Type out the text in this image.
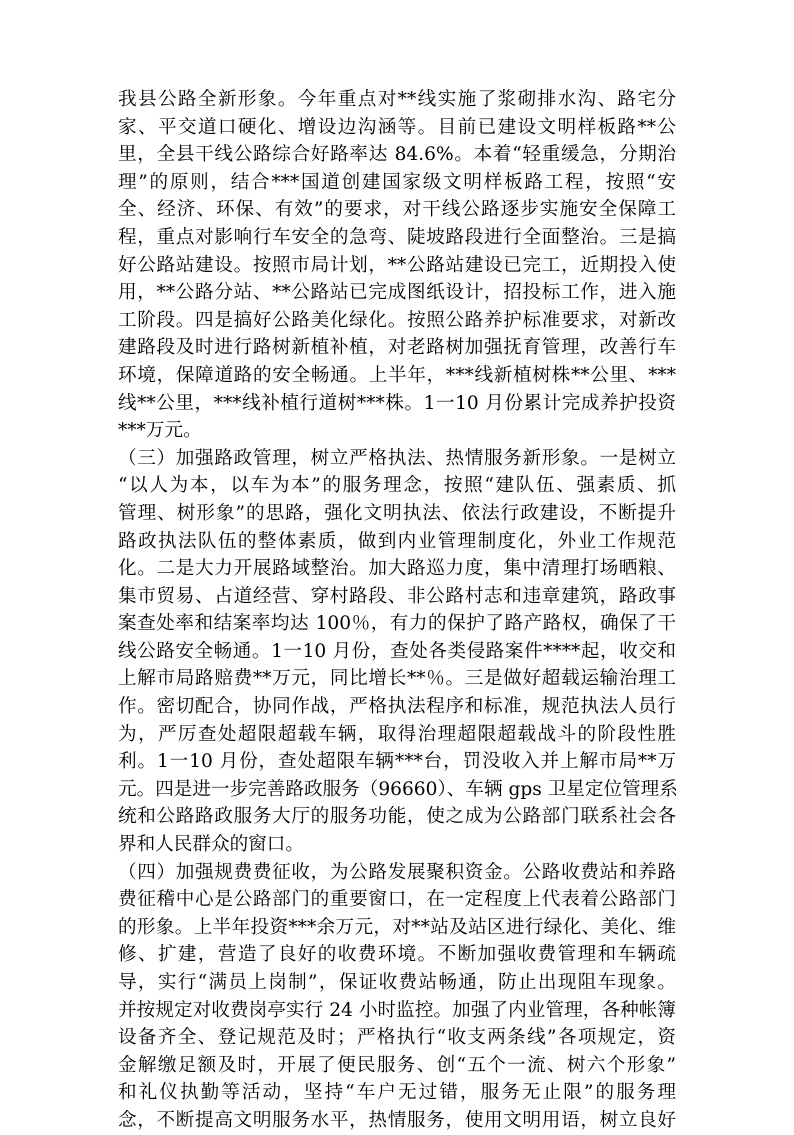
我县公路全新形象。今年重点对**线实施了浆砌排水沟、路宅分
家、平交道口硬化、增设边沟涵等。目前已建设文明样板路**公
里，全县干线公路综合好路率达 84.6%。本着“轻重缓急，分期治
理”的原则，结合***国道创建国家级文明样板路工程，按照“安
全、经济、环保、有效”的要求，对干线公路逐步实施安全保障工
程，重点对影响行车安全的急弯、陡坡路段进行全面整治。三是搞
好公路站建设。按照市局计划，**公路站建设已完工，近期投入使
用，**公路分站、**公路站已完成图纸设计，招投标工作，进入施
工阶段。四是搞好公路美化绿化。按照公路养护标准要求，对新改
建路段及时进行路树新植补植，对老路树加强抚育管理，改善行车
环境，保障道路的安全畅通。上半年，***线新植树株**公里、***
线**公里，***线补植行道树***株。1一10 月份累计完成养护投资
***万元。
（三）加强路政管理，树立严格执法、热情服务新形象。一是树立
“以人为本，以车为本”的服务理念，按照“建队伍、强素质、抓
管理、树形象”的思路，强化文明执法、依法行政建设，不断提升
路政执法队伍的整体素质，做到内业管理制度化，外业工作规范
化。二是大力开展路域整治。加大路巡力度，集中清理打场晒粮、
集市贸易、占道经营、穿村路段、非公路村志和违章建筑，路政事
案查处率和结案率均达 100％，有力的保护了路产路权，确保了干
线公路安全畅通。1一10 月份，查处各类侵路案件****起，收交和
上解市局路赔费**万元，同比增长**％。三是做好超载运输治理工
作。密切配合，协同作战，严格执法程序和标准，规范执法人员行
为，严厉查处超限超载车辆，取得治理超限超载战斗的阶段性胜
利。1一10 月份，查处超限车辆***台，罚没收入并上解市局**万
元。四是进一步完善路政服务（96660）、车辆 gps 卫星定位管理系
统和公路路政服务大厅的服务功能，使之成为公路部门联系社会各
界和人民群众的窗口。
（四）加强规费费征收，为公路发展聚积资金。公路收费站和养路
费征稽中心是公路部门的重要窗口，在一定程度上代表着公路部门
的形象。上半年投资***余万元，对**站及站区进行绿化、美化、维
修、扩建，营造了良好的收费环境。不断加强收费管理和车辆疏
导，实行“满员上岗制”，保证收费站畅通，防止出现阻车现象。
并按规定对收费岗亭实行 24 小时监控。加强了内业管理，各种帐簿
设备齐全、登记规范及时；严格执行“收支两条线”各项规定，资
金解缴足额及时，开展了便民服务、创“五个一流、树六个形象”
和礼仪执勤等活动，坚持“车户无过错，服务无止限”的服务理
念，不断提高文明服务水平，热情服务，使用文明用语，树立良好
